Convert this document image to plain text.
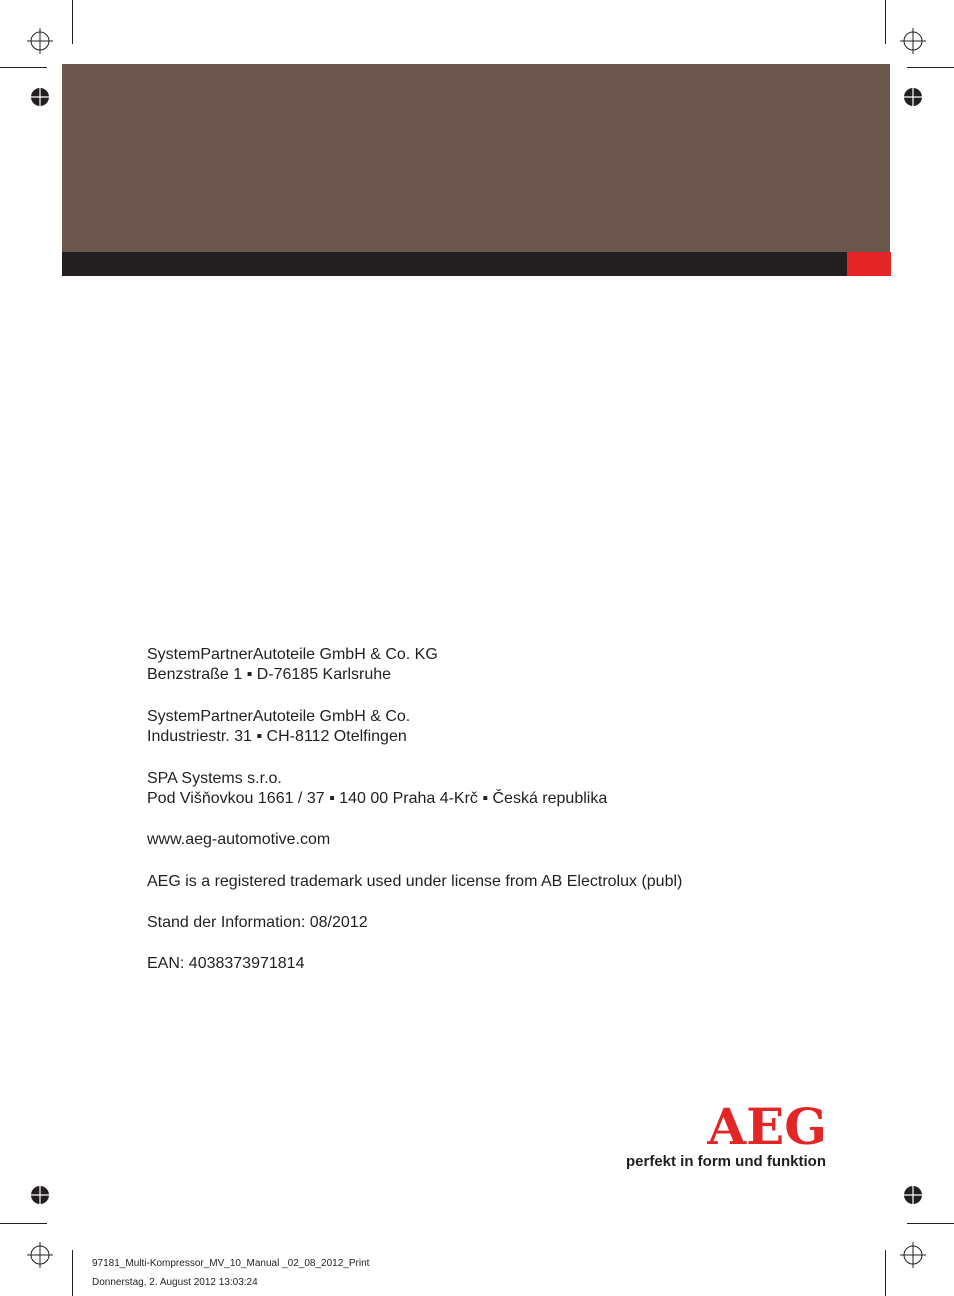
SystemPartnerAutoteile GmbH & Co. KG
Benzstraße 1 ▪ D-76185 Karlsruhe
SystemPartnerAutoteile GmbH & Co.
Industriestr. 31 ▪ CH-8112 Otelfingen
SPA Systems s.r.o.
Pod Višňovkou 1661 / 37 ▪ 140 00 Praha 4-Krč ▪ Česká republika
www.aeg-automotive.com
AEG is a registered trademark used under license from AB Electrolux (publ)
Stand der Information: 08/2012
EAN: 4038373971814
AEG
perfekt in form und funktion
97181_Multi-Kompressor_MV_10_Manual _02_08_2012_Print
Donnerstag, 2. August 2012 13:03:24
